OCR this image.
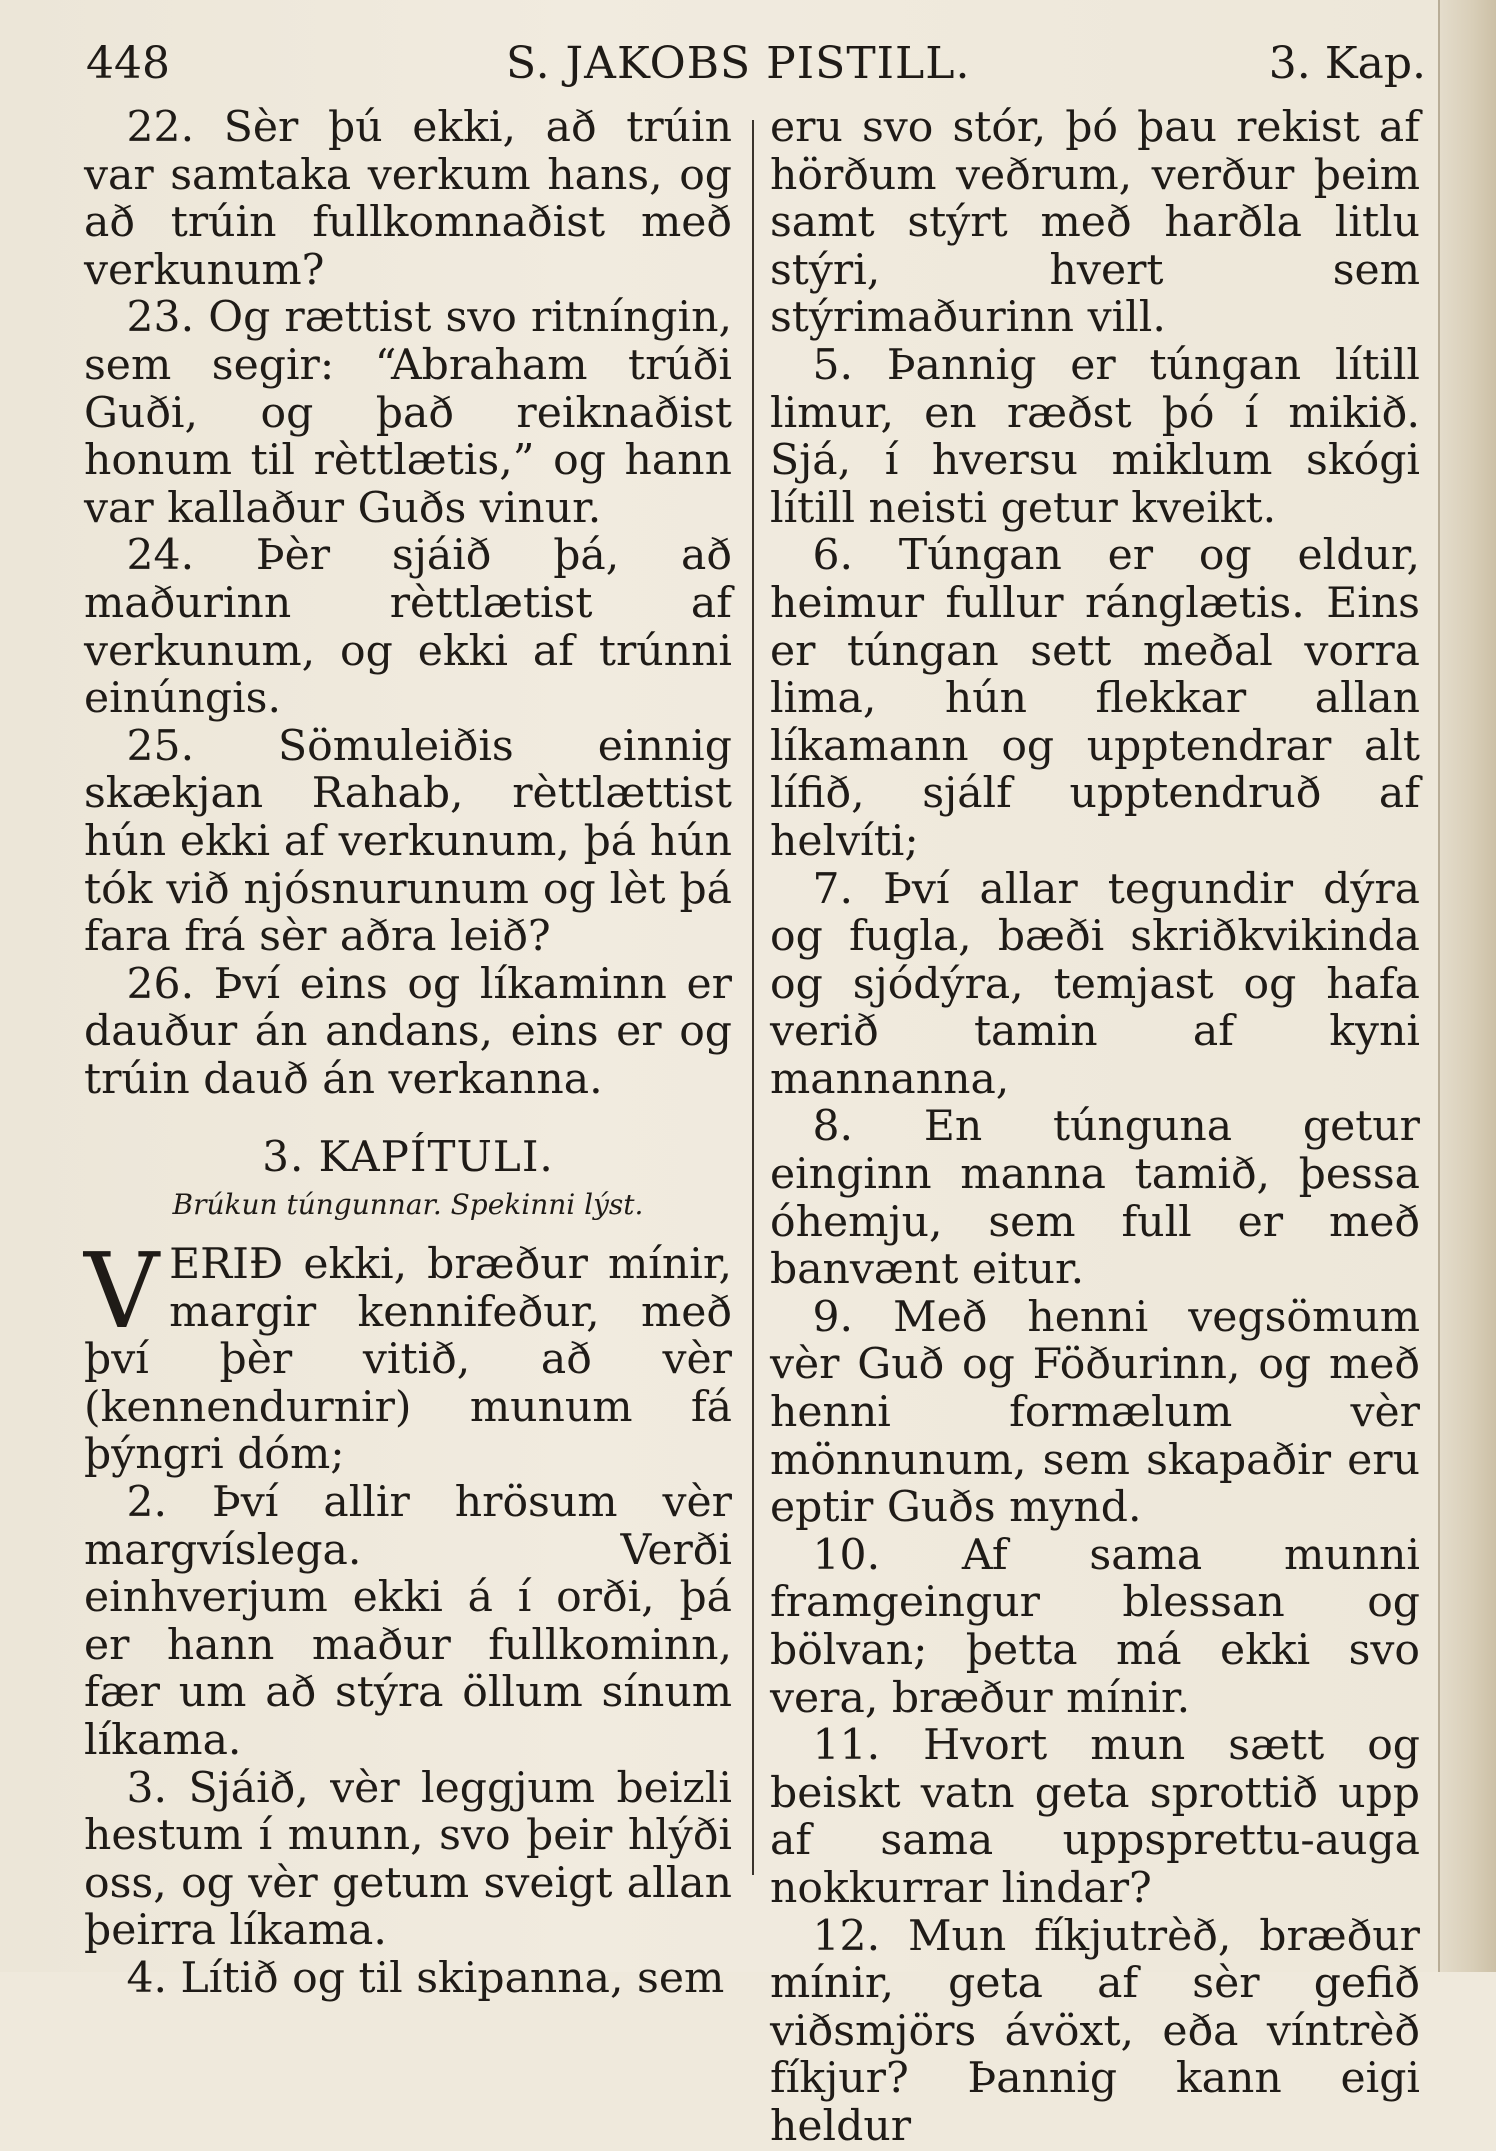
448	S. JAKOBS PISTILL.	3. Kap.

22. Sèr þú ekki, að trúin var samtaka verkum hans, og að trúin fullkomnaðist með verkunum?

23. Og rættist svo ritníngin, sem segir: “Abraham trúði Guði, og það reiknaðist honum til rèttlætis,” og hann var kallaður Guðs vinur.

24. Þèr sjáið þá, að maðurinn rèttlætist af verkunum, og ekki af trúnni einúngis.

25. Sömuleiðis einnig skækjan Rahab, rèttlættist hún ekki af verkunum, þá hún tók við njósnurunum og lèt þá fara frá sèr aðra leið?

26. Því eins og líkaminn er dauður án andans, eins er og trúin dauð án verkanna.

3. KAPÍTULI.
Brúkun túngunnar. Spekinni lýst.

VERIÐ ekki, bræður mínir, margir kennifeður, með því þèr vitið, að vèr (kennendurnir) munum fá þýngri dóm;

2. Því allir hrösum vèr margvíslega. Verði einhverjum ekki á í orði, þá er hann maður fullkominn, fær um að stýra öllum sínum líkama.

3. Sjáið, vèr leggjum beizli hestum í munn, svo þeir hlýði oss, og vèr getum sveigt allan þeirra líkama.

4. Lítið og til skipanna, sem

eru svo stór, þó þau rekist af hörðum veðrum, verður þeim samt stýrt með harðla litlu stýri, hvert sem stýrimaðurinn vill.

5. Þannig er túngan lítill limur, en ræðst þó í mikið. Sjá, í hversu miklum skógi lítill neisti getur kveikt.

6. Túngan er og eldur, heimur fullur ránglætis. Eins er túngan sett meðal vorra lima, hún flekkar allan líkamann og upptendrar alt lífið, sjálf upptendruð af helvíti;

7. Því allar tegundir dýra og fugla, bæði skriðkvikinda og sjódýra, temjast og hafa verið tamin af kyni mannanna,

8. En túnguna getur einginn manna tamið, þessa óhemju, sem full er með banvænt eitur.

9. Með henni vegsömum vèr Guð og Föðurinn, og með henni formælum vèr mönnunum, sem skapaðir eru eptir Guðs mynd.

10. Af sama munni framgeingur blessan og bölvan; þetta má ekki svo vera, bræður mínir.

11. Hvort mun sætt og beiskt vatn geta sprottið upp af sama uppsprettu-auga nokkurrar lindar?

12. Mun fíkjutrèð, bræður mínir, geta af sèr gefið viðsmjörs ávöxt, eða víntrèð fíkjur? Þannig kann eigi heldur
